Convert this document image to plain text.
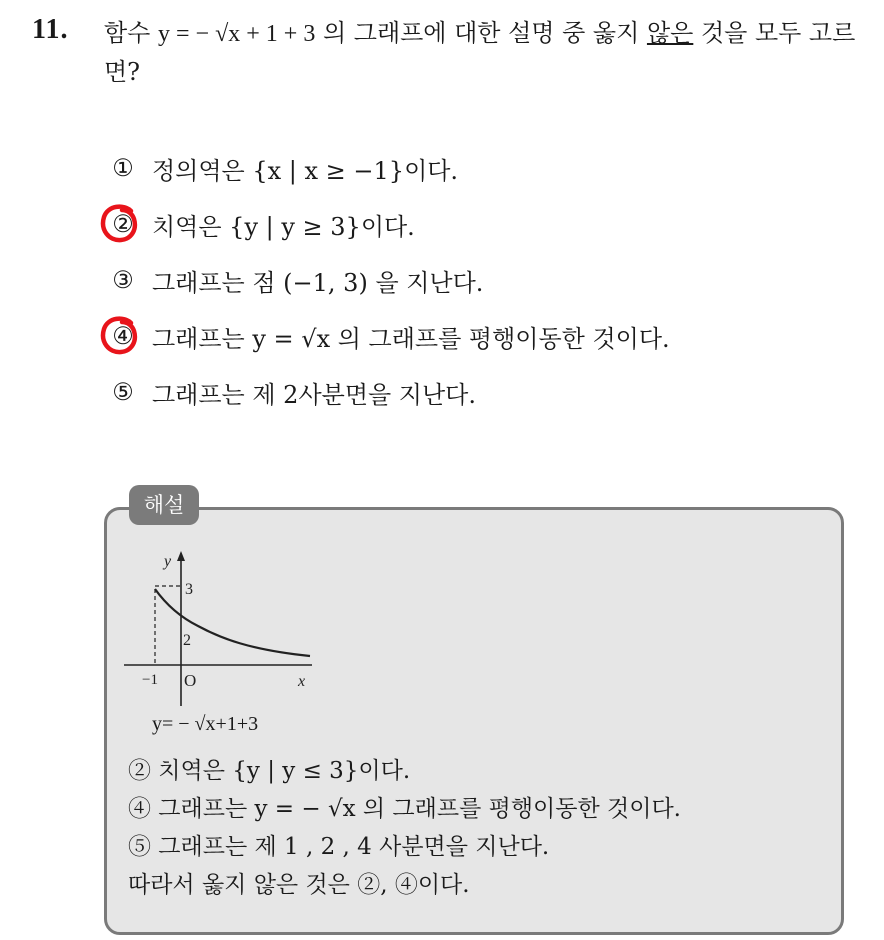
11. 함수 y = − √x + 1 + 3 의 그래프에 대한 설명 중 옳지 않은 것을 모두 고르면?
① 정의역은 {x | x ≥ −1}이다.
② 치역은 {y | y ≥ 3}이다.
③ 그래프는 점 (−1, 3) 을 지난다.
④ 그래프는 y = √x 의 그래프를 평행이동한 것이다.
⑤ 그래프는 제 2사분면을 지난다.
해설
y
3
2
−1 O	x
y= − √x+1+3
② 치역은 {y | y ≤ 3}이다.
④ 그래프는 y = − √x 의 그래프를 평행이동한 것이다.
⑤ 그래프는 제 1 , 2 , 4 사분면을 지난다.
따라서 옳지 않은 것은 ②, ④이다.
